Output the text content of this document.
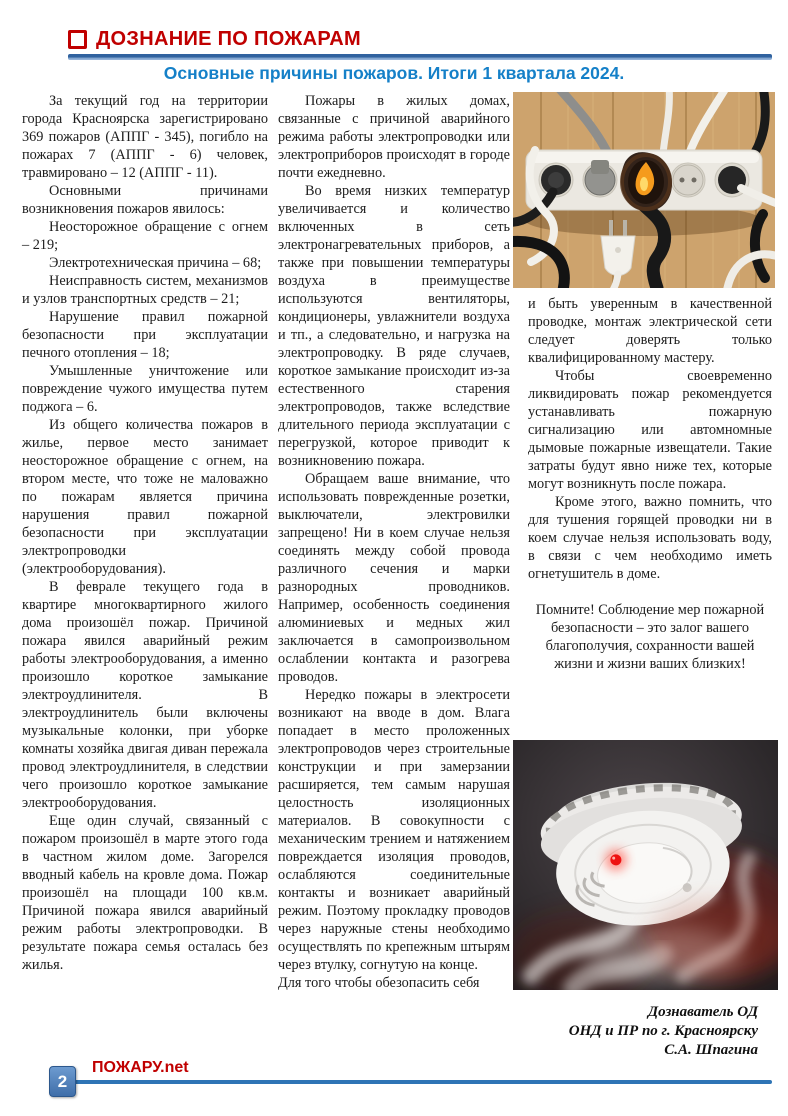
ДОЗНАНИЕ ПО ПОЖАРАМ
Основные причины пожаров. Итоги 1 квартала 2024.

За текущий год на территории города Красноярска зарегистрировано 369 пожаров (АППГ - 345), погибло на пожарах 7 (АППГ - 6) человек, травмировано – 12 (АППГ - 11).

Основными причинами возникновения пожаров явилось:

Неосторожное обращение с огнем – 219;

Электротехническая причина – 68;

Неисправность систем, механизмов и узлов транспортных средств – 21;

Нарушение правил пожарной безопасности при эксплуатации печного отопления – 18;

Умышленные уничтожение или повреждение чужого имущества путем поджога – 6.

Из общего количества пожаров в жилье, первое место занимает неосторожное обращение с огнем, на втором месте, что тоже не маловажно по пожарам является причина нарушения правил пожарной безопасности при эксплуатации электропроводки (электрооборудования).

В феврале текущего года в квартире многоквартирного жилого дома произошёл пожар. Причиной пожара явился аварийный режим работы электрооборудования, а именно произошло короткое замыкание электроудлинителя. В электроудлинитель были включены музыкальные колонки, при уборке комнаты хозяйка двигая диван пережала провод электроудлинителя, в следствии чего произошло короткое замыкание электрооборудования.

Еще один случай, связанный с пожаром произошёл в марте этого года в частном жилом доме. Загорелся вводный кабель на кровле дома. Пожар произошёл на площади 100 кв.м. Причиной пожара явился аварийный режим работы электропроводки. В результате пожара семья осталась без жилья.

Пожары в жилых домах, связанные с причиной аварийного режима работы электропроводки или электроприборов происходят в городе почти ежедневно.

Во время низких температур увеличивается и количество включенных в сеть электронагревательных приборов, а также при повышении температуры воздуха в преимуществе используются вентиляторы, кондиционеры, увлажнители воздуха и тп., а следовательно, и нагрузка на электропроводку. В ряде случаев, короткое замыкание происходит из-за естественного старения электропроводов, также вследствие длительного периода эксплуатации с перегрузкой, которое приводит к возникновению пожара.

Обращаем ваше внимание, что использовать поврежденные розетки, выключатели, электровилки запрещено! Ни в коем случае нельзя соединять между собой провода различного сечения и марки разнородных проводников. Например, особенность соединения алюминиевых и медных жил заключается в самопроизвольном ослаблении контакта и разогрева проводов.

Нередко пожары в электросети возникают на вводе в дом. Влага попадает в место проложенных электропроводов через строительные конструкции и при замерзании расширяется, тем самым нарушая целостность изоляционных материалов. В совокупности с механическим трением и натяжением повреждается изоляция проводов, ослабляются соединительные контакты и возникает аварийный режим. Поэтому прокладку проводов через наружные стены необходимо осуществлять по крепежным штырям через втулку, согнутую на конце.

Для того чтобы обезопасить себя

и быть уверенным в качественной проводке, монтаж электрической сети следует доверять только квалифицированному мастеру.

Чтобы своевременно ликвидировать пожар рекомендуется устанавливать пожарную сигнализацию или автомномные дымовые пожарные извещатели. Такие затраты будут явно ниже тех, которые могут возникнуть после пожара.

Кроме этого, важно помнить, что для тушения горящей проводки ни в коем случае нельзя использовать воду, в связи с чем необходимо иметь огнетушитель в доме.

Помните! Соблюдение мер пожарной безопасности – это залог вашего благополучия, сохранности вашей жизни и жизни ваших близких!

Дознаватель ОД
ОНД и ПР по г. Красноярску
С.А. Шпагина
2
ПОЖАРУ.net
